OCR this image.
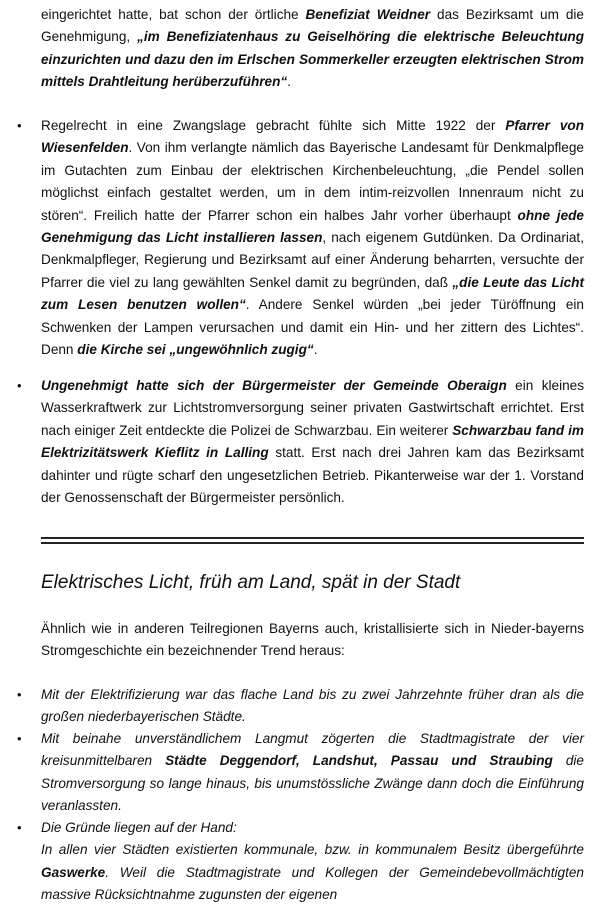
eingerichtet hatte, bat schon der örtliche Benefiziat Weidner das Bezirksamt um die Genehmigung, „im Benefiziatenhaus zu Geiselhöring die elektrische Beleuchtung einzurichten und dazu den im Erlschen Sommerkeller erzeugten elektrischen Strom mittels Drahtleitung herüberzuführen“.
• Regelrecht in eine Zwangslage gebracht fühlte sich Mitte 1922 der Pfarrer von Wiesenfelden. Von ihm verlangte nämlich das Bayerische Landesamt für Denkmalpflege im Gutachten zum Einbau der elektrischen Kirchenbeleuchtung, „die Pendel sollen möglichst einfach gestaltet werden, um in dem intim-reizvollen Innenraum nicht zu stören“. Freilich hatte der Pfarrer schon ein halbes Jahr vorher überhaupt ohne jede Genehmigung das Licht installieren lassen, nach eigenem Gutdünken. Da Ordinariat, Denkmalpfleger, Regierung und Bezirksamt auf einer Änderung beharrten, versuchte der Pfarrer die viel zu lang gewählten Senkel damit zu begründen, daß „die Leute das Licht zum Lesen benutzen wollen“. Andere Senkel würden „bei jeder Türöffnung ein Schwenken der Lampen verursachen und damit ein Hin- und her zittern des Lichtes“. Denn die Kirche sei „ungewöhnlich zugig“.
• Ungenehmigt hatte sich der Bürgermeister der Gemeinde Oberaign ein kleines Wasserkraftwerk zur Lichtstromversorgung seiner privaten Gastwirtschaft errichtet. Erst nach einiger Zeit entdeckte die Polizei de Schwarzbau. Ein weiterer Schwarzbau fand im Elektrizitätswerk Kieflitz in Lalling statt. Erst nach drei Jahren kam das Bezirksamt dahinter und rügte scharf den ungesetzlichen Betrieb. Pikanterweise war der 1. Vorstand der Genossenschaft der Bürgermeister persönlich.
Elektrisches Licht, früh am Land, spät in der Stadt
Ähnlich wie in anderen Teilregionen Bayerns auch, kristallisierte sich in Nieder-bayerns Stromgeschichte ein bezeichnender Trend heraus:
• Mit der Elektrifizierung war das flache Land bis zu zwei Jahrzehnte früher dran als die großen niederbayerischen Städte.
• Mit beinahe unverständlichem Langmut zögerten die Stadtmagistrate der vier kreisunmittelbaren Städte Deggendorf, Landshut, Passau und Straubing die Stromversorgung so lange hinaus, bis unumstössliche Zwänge dann doch die Einführung veranlassten.
• Die Gründe liegen auf der Hand:
In allen vier Städten existierten kommunale, bzw. in kommunalem Besitz übergeführte Gaswerke. Weil die Stadtmagistrate und Kollegen der Gemeindebevollmächtigten massive Rücksichtnahme zugunsten der eigenen
